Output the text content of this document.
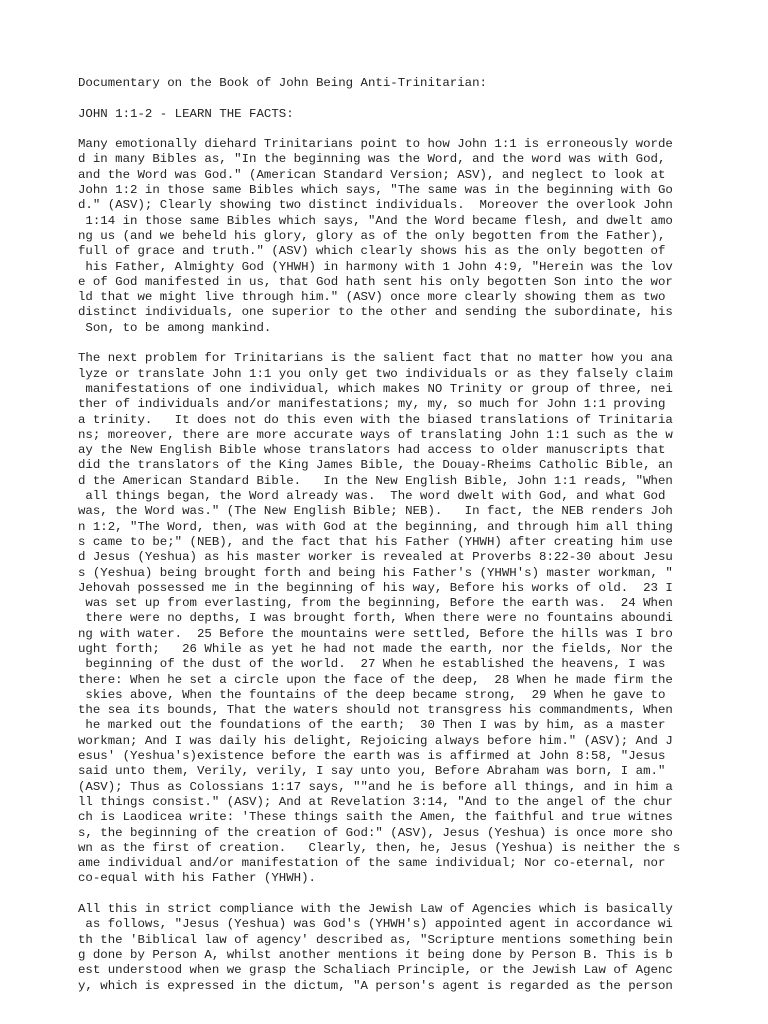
Documentary on the Book of John Being Anti-Trinitarian:
JOHN 1:1-2 - LEARN THE FACTS:
Many emotionally diehard Trinitarians point to how John 1:1 is erroneously worde
d in many Bibles as, "In the beginning was the Word, and the word was with God,
and the Word was God." (American Standard Version; ASV), and neglect to look at
John 1:2 in those same Bibles which says, "The same was in the beginning with Go
d." (ASV); Clearly showing two distinct individuals.  Moreover the overlook John
1:14 in those same Bibles which says, "And the Word became flesh, and dwelt amo
ng us (and we beheld his glory, glory as of the only begotten from the Father),
full of grace and truth." (ASV) which clearly shows his as the only begotten of
his Father, Almighty God (YHWH) in harmony with 1 John 4:9, "Herein was the lov
e of God manifested in us, that God hath sent his only begotten Son into the wor
ld that we might live through him." (ASV) once more clearly showing them as two
distinct individuals, one superior to the other and sending the subordinate, his
Son, to be among mankind.
The next problem for Trinitarians is the salient fact that no matter how you ana
lyze or translate John 1:1 you only get two individuals or as they falsely claim
manifestations of one individual, which makes NO Trinity or group of three, nei
ther of individuals and/or manifestations; my, my, so much for John 1:1 proving
a trinity.   It does not do this even with the biased translations of Trinitaria
ns; moreover, there are more accurate ways of translating John 1:1 such as the w
ay the New English Bible whose translators had access to older manuscripts that
did the translators of the King James Bible, the Douay-Rheims Catholic Bible, an
d the American Standard Bible.   In the New English Bible, John 1:1 reads, "When
all things began, the Word already was.  The word dwelt with God, and what God
was, the Word was." (The New English Bible; NEB).   In fact, the NEB renders Joh
n 1:2, "The Word, then, was with God at the beginning, and through him all thing
s came to be;" (NEB), and the fact that his Father (YHWH) after creating him use
d Jesus (Yeshua) as his master worker is revealed at Proverbs 8:22-30 about Jesu
s (Yeshua) being brought forth and being his Father's (YHWH's) master workman, "
Jehovah possessed me in the beginning of his way, Before his works of old.  23 I
was set up from everlasting, from the beginning, Before the earth was.  24 When
there were no depths, I was brought forth, When there were no fountains aboundi
ng with water.  25 Before the mountains were settled, Before the hills was I bro
ught forth;   26 While as yet he had not made the earth, nor the fields, Nor the
beginning of the dust of the world.  27 When he established the heavens, I was
there: When he set a circle upon the face of the deep,  28 When he made firm the
skies above, When the fountains of the deep became strong,  29 When he gave to
the sea its bounds, That the waters should not transgress his commandments, When
he marked out the foundations of the earth;  30 Then I was by him, as a master
workman; And I was daily his delight, Rejoicing always before him." (ASV); And J
esus' (Yeshua's)existence before the earth was is affirmed at John 8:58, "Jesus
said unto them, Verily, verily, I say unto you, Before Abraham was born, I am."
(ASV); Thus as Colossians 1:17 says, ""and he is before all things, and in him a
ll things consist." (ASV); And at Revelation 3:14, "And to the angel of the chur
ch is Laodicea write: 'These things saith the Amen, the faithful and true witnes
s, the beginning of the creation of God:" (ASV), Jesus (Yeshua) is once more sho
wn as the first of creation.   Clearly, then, he, Jesus (Yeshua) is neither the s
ame individual and/or manifestation of the same individual; Nor co-eternal, nor
co-equal with his Father (YHWH).
All this in strict compliance with the Jewish Law of Agencies which is basically
as follows, "Jesus (Yeshua) was God's (YHWH's) appointed agent in accordance wi
th the 'Biblical law of agency' described as, "Scripture mentions something bein
g done by Person A, whilst another mentions it being done by Person B. This is b
est understood when we grasp the Schaliach Principle, or the Jewish Law of Agenc
y, which is expressed in the dictum, "A person's agent is regarded as the person
